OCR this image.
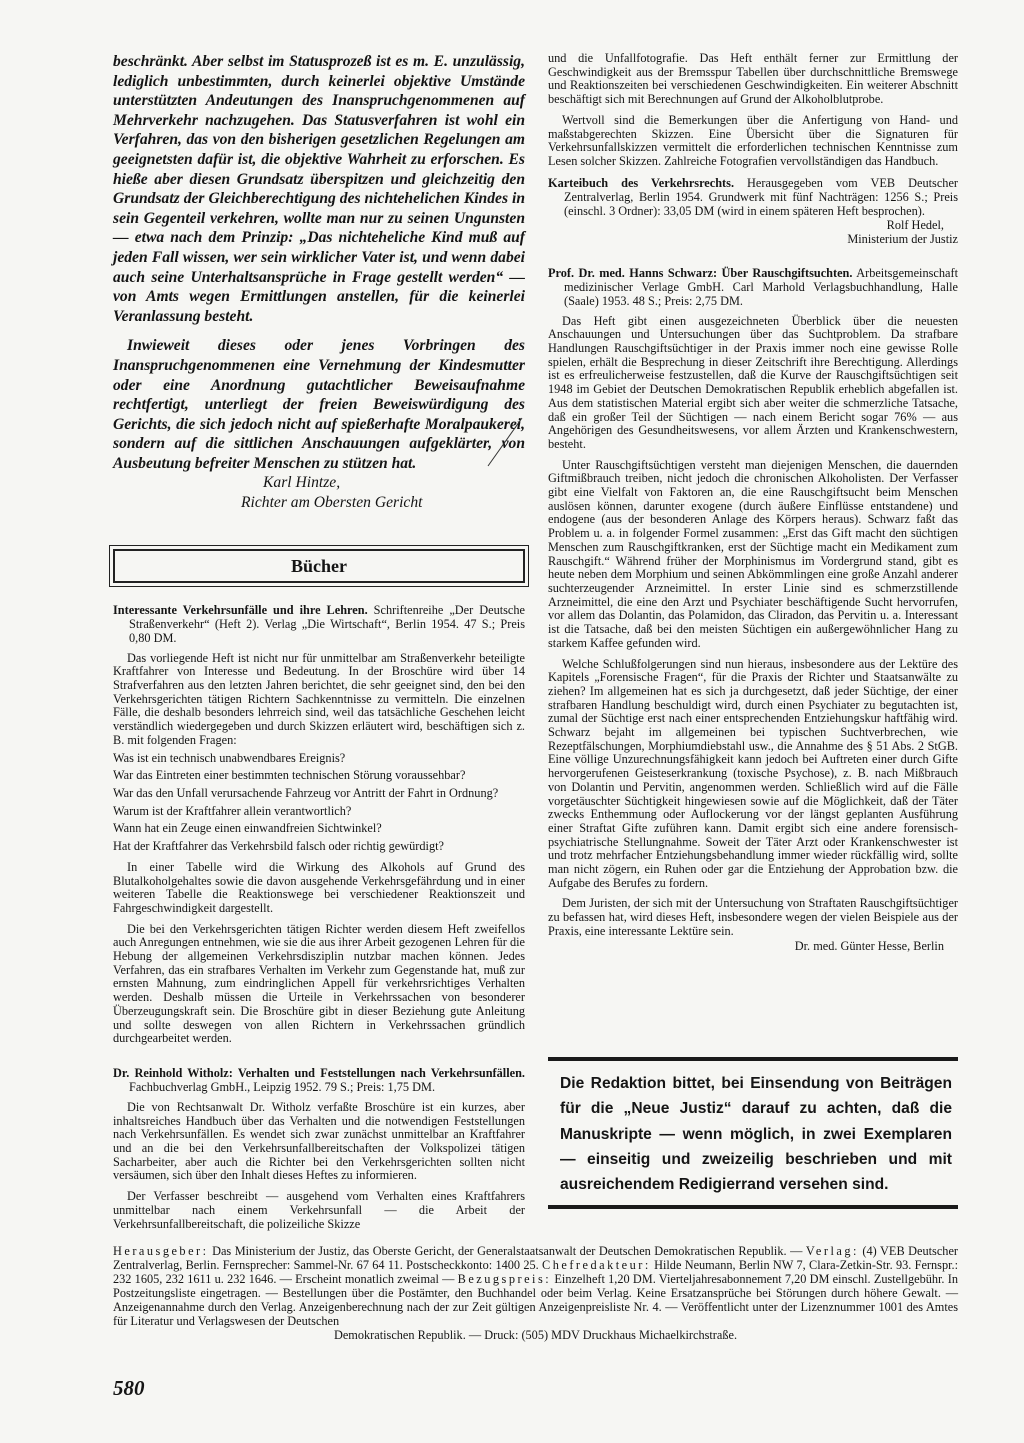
beschränkt. Aber selbst im Statusprozeß ist es m. E. unzulässig, lediglich unbestimmten, durch keinerlei objektive Umstände unterstützten Andeutungen des Inanspruchgenommenen auf Mehrverkehr nachzugehen. Das Statusverfahren ist wohl ein Verfahren, das von den bisherigen gesetzlichen Regelungen am geeignetsten dafür ist, die objektive Wahrheit zu erforschen. Es hieße aber diesen Grundsatz überspitzen und gleichzeitig den Grundsatz der Gleichberechtigung des nichtehelichen Kindes in sein Gegenteil verkehren, wollte man nur zu seinen Ungunsten — etwa nach dem Prinzip: „Das nichteheliche Kind muß auf jeden Fall wissen, wer sein wirklicher Vater ist, und wenn dabei auch seine Unterhaltsansprüche in Frage gestellt werden“ — von Amts wegen Ermittlungen anstellen, für die keinerlei Veranlassung besteht.

Inwieweit dieses oder jenes Vorbringen des Inanspruchgenommenen eine Vernehmung der Kindesmutter oder eine Anordnung gutachtlicher Beweisaufnahme rechtfertigt, unterliegt der freien Beweiswürdigung des Gerichts, die sich jedoch nicht auf spießerhafte Moralpaukerei, sondern auf die sittlichen Anschauungen aufgeklärter, von Ausbeutung befreiter Menschen zu stützen hat.

Karl Hintze,
Richter am Obersten Gericht
Bücher

Interessante Verkehrsunfälle und ihre Lehren. Schriftenreihe „Der Deutsche Straßenverkehr“ (Heft 2). Verlag „Die Wirtschaft“, Berlin 1954. 47 S.; Preis 0,80 DM.

Das vorliegende Heft ist nicht nur für unmittelbar am Straßenverkehr beteiligte Kraftfahrer von Interesse und Bedeutung. In der Broschüre wird über 14 Strafverfahren aus den letzten Jahren berichtet, die sehr geeignet sind, den bei den Verkehrsgerichten tätigen Richtern Sachkenntnisse zu vermitteln. Die einzelnen Fälle, die deshalb besonders lehrreich sind, weil das tatsächliche Geschehen leicht verständlich wiedergegeben und durch Skizzen erläutert wird, beschäftigen sich z. B. mit folgenden Fragen:

Was ist ein technisch unabwendbares Ereignis?

War das Eintreten einer bestimmten technischen Störung voraussehbar?

War das den Unfall verursachende Fahrzeug vor Antritt der Fahrt in Ordnung?

Warum ist der Kraftfahrer allein verantwortlich?

Wann hat ein Zeuge einen einwandfreien Sichtwinkel?

Hat der Kraftfahrer das Verkehrsbild falsch oder richtig gewürdigt?

In einer Tabelle wird die Wirkung des Alkohols auf Grund des Blutalkoholgehaltes sowie die davon ausgehende Verkehrsgefährdung und in einer weiteren Tabelle die Reaktionswege bei verschiedener Reaktionszeit und Fahrgeschwindigkeit dargestellt.

Die bei den Verkehrsgerichten tätigen Richter werden diesem Heft zweifellos auch Anregungen entnehmen, wie sie die aus ihrer Arbeit gezogenen Lehren für die Hebung der allgemeinen Verkehrsdisziplin nutzbar machen können. Jedes Verfahren, das ein strafbares Verhalten im Verkehr zum Gegenstande hat, muß zur ernsten Mahnung, zum eindringlichen Appell für verkehrsrichtiges Verhalten werden. Deshalb müssen die Urteile in Verkehrssachen von besonderer Überzeugungskraft sein. Die Broschüre gibt in dieser Beziehung gute Anleitung und sollte deswegen von allen Richtern in Verkehrssachen gründlich durchgearbeitet werden.

Dr. Reinhold Witholz: Verhalten und Feststellungen nach Verkehrsunfällen. Fachbuchverlag GmbH., Leipzig 1952. 79 S.; Preis: 1,75 DM.

Die von Rechtsanwalt Dr. Witholz verfaßte Broschüre ist ein kurzes, aber inhaltsreiches Handbuch über das Verhalten und die notwendigen Feststellungen nach Verkehrsunfällen. Es wendet sich zwar zunächst unmittelbar an Kraftfahrer und an die bei den Verkehrsunfallbereitschaften der Volkspolizei tätigen Sacharbeiter, aber auch die Richter bei den Verkehrsgerichten sollten nicht versäumen, sich über den Inhalt dieses Heftes zu informieren.

Der Verfasser beschreibt — ausgehend vom Verhalten eines Kraftfahrers unmittelbar nach einem Verkehrsunfall — die Arbeit der Verkehrsunfallbereitschaft, die polizeiliche Skizze

und die Unfallfotografie. Das Heft enthält ferner zur Ermittlung der Geschwindigkeit aus der Bremsspur Tabellen über durchschnittliche Bremswege und Reaktionszeiten bei verschiedenen Geschwindigkeiten. Ein weiterer Abschnitt beschäftigt sich mit Berechnungen auf Grund der Alkoholblutprobe.

Wertvoll sind die Bemerkungen über die Anfertigung von Hand- und maßstabgerechten Skizzen. Eine Übersicht über die Signaturen für Verkehrsunfallskizzen vermittelt die erforderlichen technischen Kenntnisse zum Lesen solcher Skizzen. Zahlreiche Fotografien vervollständigen das Handbuch.

Karteibuch des Verkehrsrechts. Herausgegeben vom VEB Deutscher Zentralverlag, Berlin 1954. Grundwerk mit fünf Nachträgen: 1256 S.; Preis (einschl. 3 Ordner): 33,05 DM (wird in einem späteren Heft besprochen).

Rolf Hedel,
Ministerium der Justiz

Prof. Dr. med. Hanns Schwarz: Über Rauschgiftsuchten. Arbeitsgemeinschaft medizinischer Verlage GmbH. Carl Marhold Verlagsbuchhandlung, Halle (Saale) 1953. 48 S.; Preis: 2,75 DM.

Das Heft gibt einen ausgezeichneten Überblick über die neuesten Anschauungen und Untersuchungen über das Suchtproblem. Da strafbare Handlungen Rauschgiftsüchtiger in der Praxis immer noch eine gewisse Rolle spielen, erhält die Besprechung in dieser Zeitschrift ihre Berechtigung. Allerdings ist es erfreulicherweise festzustellen, daß die Kurve der Rauschgiftsüchtigen seit 1948 im Gebiet der Deutschen Demokratischen Republik erheblich abgefallen ist. Aus dem statistischen Material ergibt sich aber weiter die schmerzliche Tatsache, daß ein großer Teil der Süchtigen — nach einem Bericht sogar 76% — aus Angehörigen des Gesundheitswesens, vor allem Ärzten und Krankenschwestern, besteht.

Unter Rauschgiftsüchtigen versteht man diejenigen Menschen, die dauernden Giftmißbrauch treiben, nicht jedoch die chronischen Alkoholisten. Der Verfasser gibt eine Vielfalt von Faktoren an, die eine Rauschgiftsucht beim Menschen auslösen können, darunter exogene (durch äußere Einflüsse entstandene) und endogene (aus der besonderen Anlage des Körpers heraus). Schwarz faßt das Problem u. a. in folgender Formel zusammen: „Erst das Gift macht den süchtigen Menschen zum Rauschgiftkranken, erst der Süchtige macht ein Medikament zum Rauschgift.“ Während früher der Morphinismus im Vordergrund stand, gibt es heute neben dem Morphium und seinen Abkömmlingen eine große Anzahl anderer suchterzeugender Arzneimittel. In erster Linie sind es schmerzstillende Arzneimittel, die eine den Arzt und Psychiater beschäftigende Sucht hervorrufen, vor allem das Dolantin, das Polamidon, das Cliradon, das Pervitin u. a. Interessant ist die Tatsache, daß bei den meisten Süchtigen ein außergewöhnlicher Hang zu starkem Kaffee gefunden wird.

Welche Schlußfolgerungen sind nun hieraus, insbesondere aus der Lektüre des Kapitels „Forensische Fragen“, für die Praxis der Richter und Staatsanwälte zu ziehen? Im allgemeinen hat es sich ja durchgesetzt, daß jeder Süchtige, der einer strafbaren Handlung beschuldigt wird, durch einen Psychiater zu begutachten ist, zumal der Süchtige erst nach einer entsprechenden Entziehungskur haftfähig wird. Schwarz bejaht im allgemeinen bei typischen Suchtverbrechen, wie Rezeptfälschungen, Morphiumdiebstahl usw., die Annahme des § 51 Abs. 2 StGB. Eine völlige Unzurechnungsfähigkeit kann jedoch bei Auftreten einer durch Gifte hervorgerufenen Geisteserkrankung (toxische Psychose), z. B. nach Mißbrauch von Dolantin und Pervitin, angenommen werden. Schließlich wird auf die Fälle vorgetäuschter Süchtigkeit hingewiesen sowie auf die Möglichkeit, daß der Täter zwecks Enthemmung oder Auflockerung vor der längst geplanten Ausführung einer Straftat Gifte zuführen kann. Damit ergibt sich eine andere forensisch-psychiatrische Stellungnahme. Soweit der Täter Arzt oder Krankenschwester ist und trotz mehrfacher Entziehungsbehandlung immer wieder rückfällig wird, sollte man nicht zögern, ein Ruhen oder gar die Entziehung der Approbation bzw. die Aufgabe des Berufes zu fordern.

Dem Juristen, der sich mit der Untersuchung von Straftaten Rauschgiftsüchtiger zu befassen hat, wird dieses Heft, insbesondere wegen der vielen Beispiele aus der Praxis, eine interessante Lektüre sein.

Dr. med. Günter Hesse, Berlin
Die Redaktion bittet, bei Einsendung von Beiträgen für die „Neue Justiz“ darauf zu achten, daß die Manuskripte — wenn möglich, in zwei Exemplaren — einseitig und zweizeilig beschrieben und mit ausreichendem Redigierrand versehen sind.

Herausgeber: Das Ministerium der Justiz, das Oberste Gericht, der Generalstaatsanwalt der Deutschen Demokratischen Republik. — Verlag: (4) VEB Deutscher Zentralverlag, Berlin. Fernsprecher: Sammel-Nr. 67 64 11. Postscheckkonto: 1400 25. Chefredakteur: Hilde Neumann, Berlin NW 7, Clara-Zetkin-Str. 93. Fernspr.: 232 1605, 232 1611 u. 232 1646. — Erscheint monatlich zweimal — Bezugspreis: Einzelheft 1,20 DM. Vierteljahresabonnement 7,20 DM einschl. Zustellgebühr. In Postzeitungsliste eingetragen. — Bestellungen über die Postämter, den Buchhandel oder beim Verlag. Keine Ersatzansprüche bei Störungen durch höhere Gewalt. — Anzeigenannahme durch den Verlag. Anzeigenberechnung nach der zur Zeit gültigen Anzeigenpreisliste Nr. 4. — Veröffentlicht unter der Lizenznummer 1001 des Amtes für Literatur und Verlagswesen der Deutschen

Demokratischen Republik. — Druck: (505) MDV Druckhaus Michaelkirchstraße.

580
